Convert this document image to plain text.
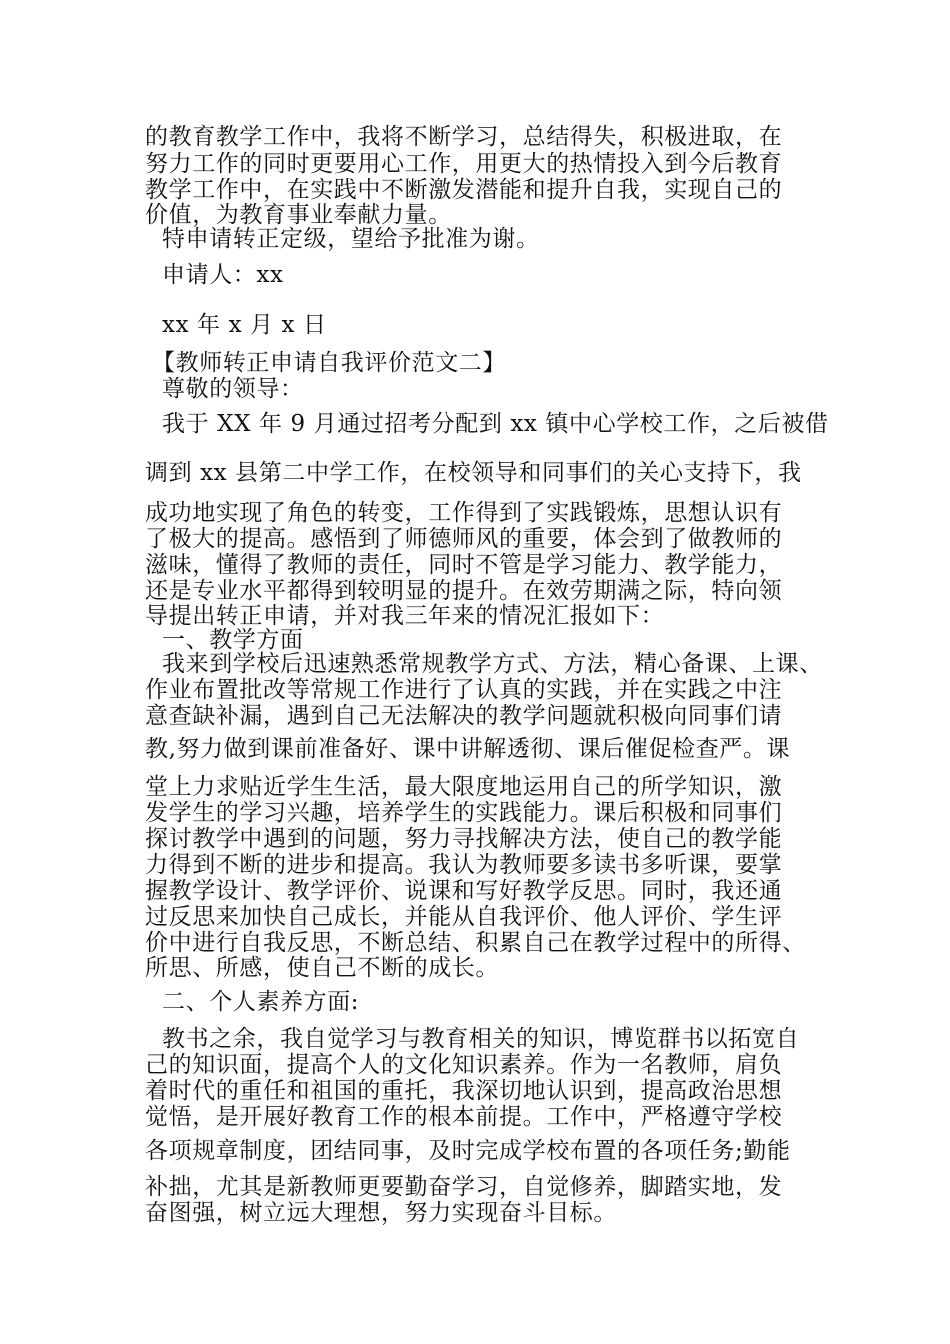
的教育教学工作中，我将不断学习，总结得失，积极进取，在
努力工作的同时更要用心工作，用更大的热情投入到今后教育
教学工作中，在实践中不断激发潜能和提升自我，实现自己的
价值，为教育事业奉献力量。
特申请转正定级，望给予批准为谢。
申请人：xx
xx 年 x 月 x 日
【教师转正申请自我评价范文二】
尊敬的领导：
我于 XX 年 9 月通过招考分配到 xx 镇中心学校工作，之后被借
调到 xx 县第二中学工作，在校领导和同事们的关心支持下，我
成功地实现了角色的转变，工作得到了实践锻炼，思想认识有
了极大的提高。感悟到了师德师风的重要，体会到了做教师的
滋味，懂得了教师的责任，同时不管是学习能力、教学能力，
还是专业水平都得到较明显的提升。在效劳期满之际，特向领
导提出转正申请，并对我三年来的情况汇报如下：
一、教学方面
我来到学校后迅速熟悉常规教学方式、方法，精心备课、上课、
作业布置批改等常规工作进行了认真的实践，并在实践之中注
意查缺补漏，遇到自己无法解决的教学问题就积极向同事们请
教,努力做到课前准备好、课中讲解透彻、课后催促检查严。课
堂上力求贴近学生生活，最大限度地运用自己的所学知识，激
发学生的学习兴趣，培养学生的实践能力。课后积极和同事们
探讨教学中遇到的问题，努力寻找解决方法，使自己的教学能
力得到不断的进步和提高。我认为教师要多读书多听课，要掌
握教学设计、教学评价、说课和写好教学反思。同时，我还通
过反思来加快自己成长，并能从自我评价、他人评价、学生评
价中进行自我反思，不断总结、积累自己在教学过程中的所得、
所思、所感，使自己不断的成长。
二、个人素养方面:
教书之余，我自觉学习与教育相关的知识，博览群书以拓宽自
己的知识面，提高个人的文化知识素养。作为一名教师，肩负
着时代的重任和祖国的重托，我深切地认识到，提高政治思想
觉悟，是开展好教育工作的根本前提。工作中，严格遵守学校
各项规章制度，团结同事，及时完成学校布置的各项任务;勤能
补拙，尤其是新教师更要勤奋学习，自觉修养，脚踏实地，发
奋图强，树立远大理想，努力实现奋斗目标。
